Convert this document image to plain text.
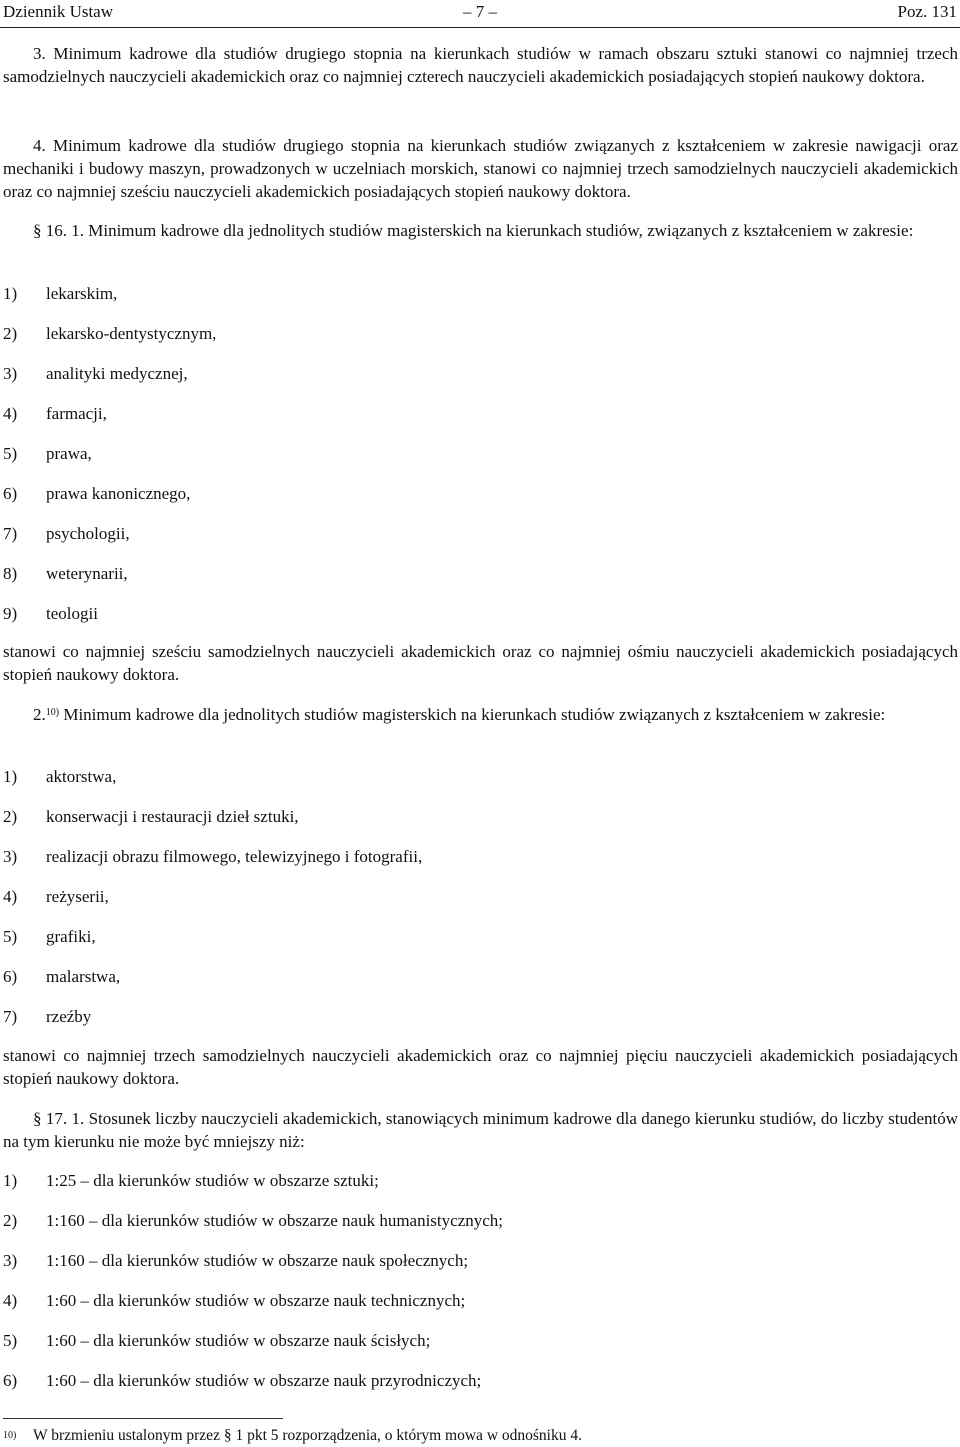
Dziennik Ustaw	– 7 –	Poz. 131
3. Minimum kadrowe dla studiów drugiego stopnia na kierunkach studiów w ramach obszaru sztuki stanowi co najmniej trzech samodzielnych nauczycieli akademickich oraz co najmniej czterech nauczycieli akademickich posiadających stopień naukowy doktora.
4. Minimum kadrowe dla studiów drugiego stopnia na kierunkach studiów związanych z kształceniem w zakresie nawigacji oraz mechaniki i budowy maszyn, prowadzonych w uczelniach morskich, stanowi co najmniej trzech samodzielnych nauczycieli akademickich oraz co najmniej sześciu nauczycieli akademickich posiadających stopień naukowy doktora.
§ 16. 1. Minimum kadrowe dla jednolitych studiów magisterskich na kierunkach studiów, związanych z kształceniem w zakresie:
1) lekarskim,
2) lekarsko-dentystycznym,
3) analityki medycznej,
4) farmacji,
5) prawa,
6) prawa kanonicznego,
7) psychologii,
8) weterynarii,
9) teologii
stanowi co najmniej sześciu samodzielnych nauczycieli akademickich oraz co najmniej ośmiu nauczycieli akademickich posiadających stopień naukowy doktora.
2.$^{10)}$ Minimum kadrowe dla jednolitych studiów magisterskich na kierunkach studiów związanych z kształceniem w zakresie:
1) aktorstwa,
2) konserwacji i restauracji dzieł sztuki,
3) realizacji obrazu filmowego, telewizyjnego i fotografii,
4) reżyserii,
5) grafiki,
6) malarstwa,
7) rzeźby
stanowi co najmniej trzech samodzielnych nauczycieli akademickich oraz co najmniej pięciu nauczycieli akademickich posiadających stopień naukowy doktora.
§ 17. 1. Stosunek liczby nauczycieli akademickich, stanowiących minimum kadrowe dla danego kierunku studiów, do liczby studentów na tym kierunku nie może być mniejszy niż:
1) 1:25 – dla kierunków studiów w obszarze sztuki;
2) 1:160 – dla kierunków studiów w obszarze nauk humanistycznych;
3) 1:160 – dla kierunków studiów w obszarze nauk społecznych;
4) 1:60 – dla kierunków studiów w obszarze nauk technicznych;
5) 1:60 – dla kierunków studiów w obszarze nauk ścisłych;
6) 1:60 – dla kierunków studiów w obszarze nauk przyrodniczych;
10) W brzmieniu ustalonym przez § 1 pkt 5 rozporządzenia, o którym mowa w odnośniku 4.
